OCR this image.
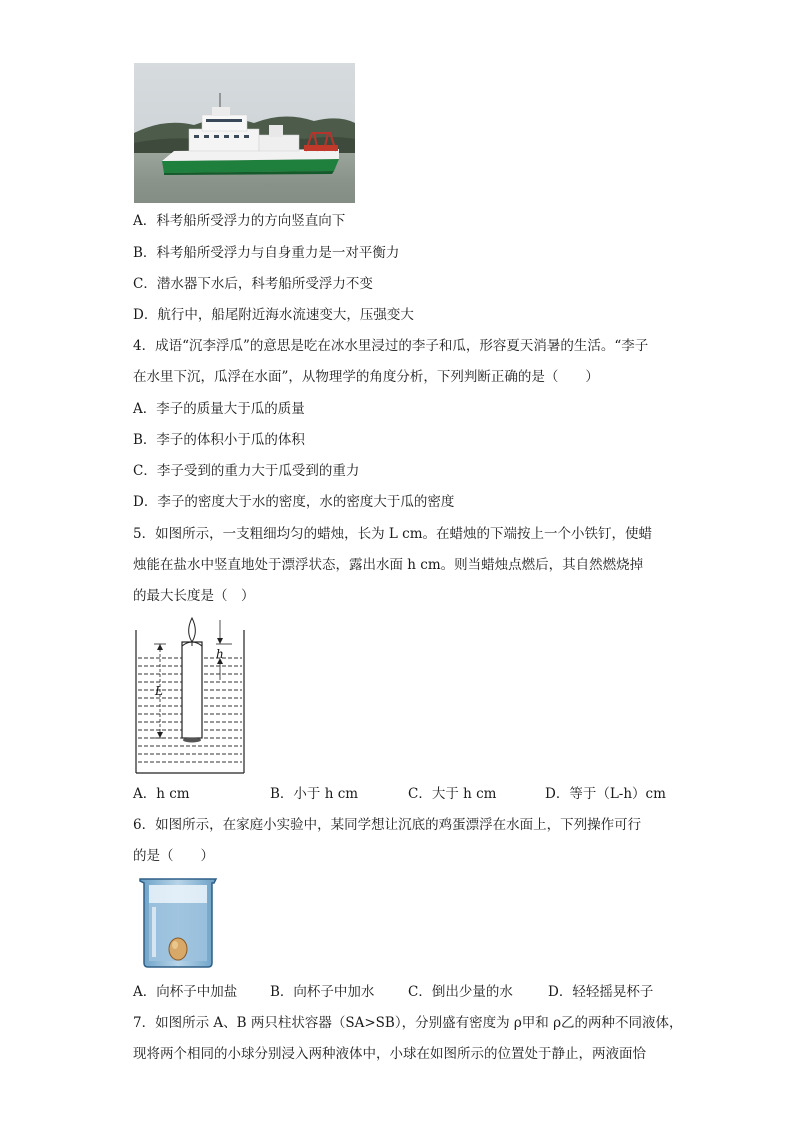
A．科考船所受浮力的方向竖直向下
B．科考船所受浮力与自身重力是一对平衡力
C．潜水器下水后，科考船所受浮力不变
D．航行中，船尾附近海水流速变大，压强变大
4．成语“沉李浮瓜”的意思是吃在冰水里浸过的李子和瓜，形容夏天消暑的生活。“李子
在水里下沉，瓜浮在水面”，从物理学的角度分析，下列判断正确的是（　　）
A．李子的质量大于瓜的质量
B．李子的体积小于瓜的体积
C．李子受到的重力大于瓜受到的重力
D．李子的密度大于水的密度，水的密度大于瓜的密度
5．如图所示，一支粗细均匀的蜡烛，长为 L cm。在蜡烛的下端按上一个小铁钉，使蜡
烛能在盐水中竖直地处于漂浮状态，露出水面 h cm。则当蜡烛点燃后，其自然燃烧掉
的最大长度是（　）
h
L
A．h cm	B．小于 h cm	C．大于 h cm	D．等于（L-h）cm
6．如图所示，在家庭小实验中，某同学想让沉底的鸡蛋漂浮在水面上，下列操作可行
的是（　　）
A．向杯子中加盐 B．向杯子中加水 C．倒出少量的水	D．轻轻摇晃杯子
7．如图所示 A、B 两只柱状容器（SA>SB），分别盛有密度为 ρ甲和 ρ乙的两种不同液体，
现将两个相同的小球分别浸入两种液体中，小球在如图所示的位置处于静止，两液面恰
